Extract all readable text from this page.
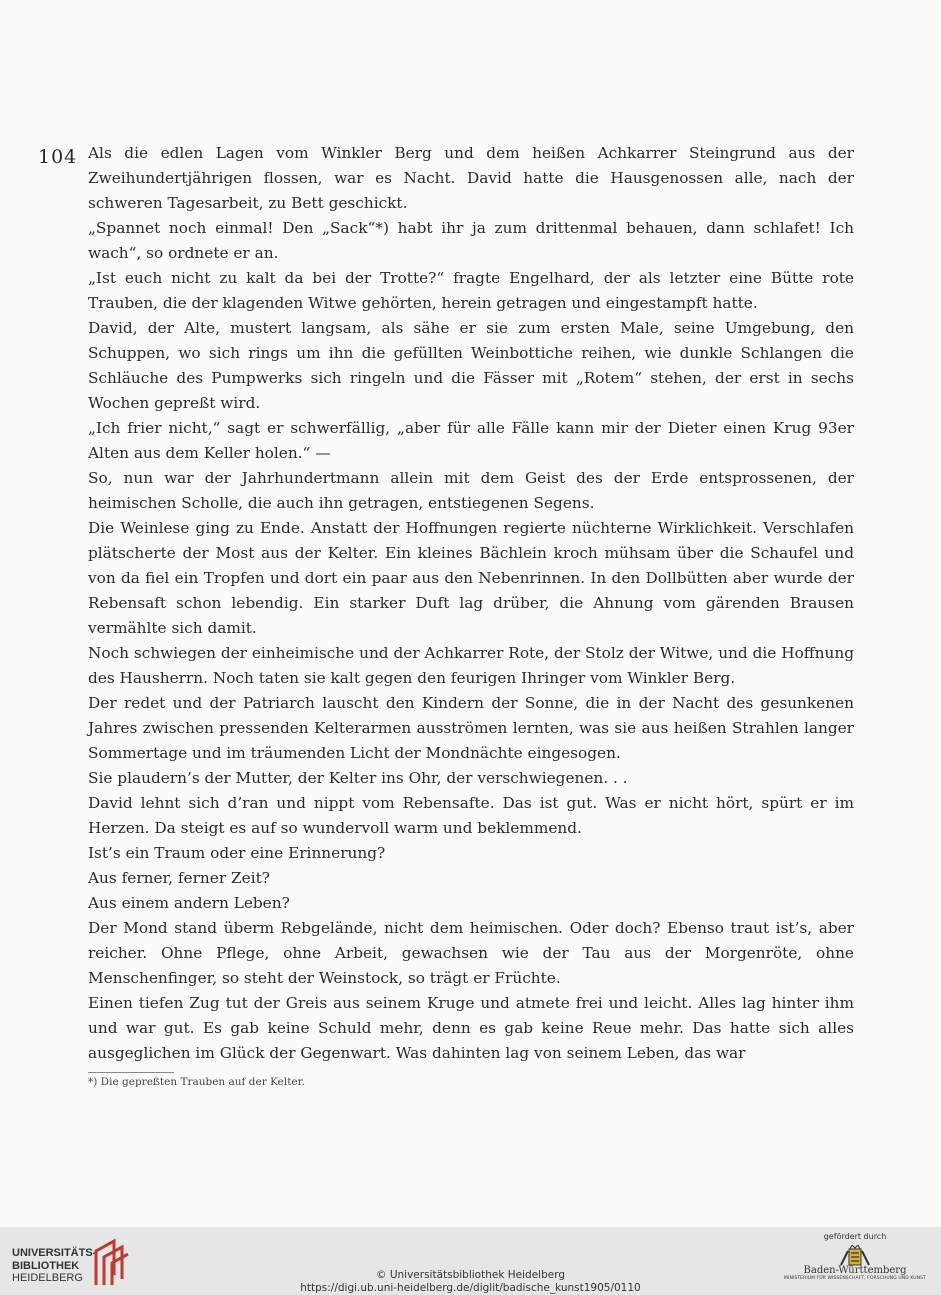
104 Als die edlen Lagen vom Winkler Berg und dem heißen Achkarrer Steingrund aus der Zweihundertjährigen flossen, war es Nacht. David hatte die Hausgenossen alle, nach der schweren Tagesarbeit, zu Bett geschickt.

„Spannet noch einmal! Den „Sack“*) habt ihr ja zum drittenmal behauen, dann schlafet! Ich wach“, so ordnete er an.

„Ist euch nicht zu kalt da bei der Trotte?“ fragte Engelhard, der als letzter eine Bütte rote Trauben, die der klagenden Witwe gehörten, herein getragen und eingestampft hatte.

David, der Alte, mustert langsam, als sähe er sie zum ersten Male, seine Umgebung, den Schuppen, wo sich rings um ihn die gefüllten Weinbottiche reihen, wie dunkle Schlangen die Schläuche des Pumpwerks sich ringeln und die Fässer mit „Rotem“ stehen, der erst in sechs Wochen gepreßt wird.

„Ich frier nicht,“ sagt er schwerfällig, „aber für alle Fälle kann mir der Dieter einen Krug 93er Alten aus dem Keller holen.“ —

So, nun war der Jahrhundertmann allein mit dem Geist des der Erde entsprossenen, der heimischen Scholle, die auch ihn getragen, entstiegenen Segens.

Die Weinlese ging zu Ende. Anstatt der Hoffnungen regierte nüchterne Wirklichkeit. Verschlafen plätscherte der Most aus der Kelter. Ein kleines Bächlein kroch mühsam über die Schaufel und von da fiel ein Tropfen und dort ein paar aus den Nebenrinnen. In den Dollbütten aber wurde der Rebensaft schon lebendig. Ein starker Duft lag drüber, die Ahnung vom gärenden Brausen vermählte sich damit.

Noch schwiegen der einheimische und der Achkarrer Rote, der Stolz der Witwe, und die Hoffnung des Hausherrn. Noch taten sie kalt gegen den feurigen Ihringer vom Winkler Berg.

Der redet und der Patriarch lauscht den Kindern der Sonne, die in der Nacht des gesunkenen Jahres zwischen pressenden Kelterarmen ausströmen lernten, was sie aus heißen Strahlen langer Sommertage und im träumenden Licht der Mondnächte eingesogen.

Sie plaudern’s der Mutter, der Kelter ins Ohr, der verschwiegenen. . .

David lehnt sich d’ran und nippt vom Rebensafte. Das ist gut. Was er nicht hört, spürt er im Herzen. Da steigt es auf so wundervoll warm und beklemmend.

Ist’s ein Traum oder eine Erinnerung?

Aus ferner, ferner Zeit?

Aus einem andern Leben?

Der Mond stand überm Rebgelände, nicht dem heimischen. Oder doch? Ebenso traut ist’s, aber reicher. Ohne Pflege, ohne Arbeit, gewachsen wie der Tau aus der Morgenröte, ohne Menschenfinger, so steht der Weinstock, so trägt er Früchte.

Einen tiefen Zug tut der Greis aus seinem Kruge und atmete frei und leicht. Alles lag hinter ihm und war gut. Es gab keine Schuld mehr, denn es gab keine Reue mehr. Das hatte sich alles ausgeglichen im Glück der Gegenwart. Was dahinten lag von seinem Leben, das war

*) Die gepreßten Trauben auf der Kelter.
UNIVERSITÄTS-
BIBLIOTHEK
HEIDELBERG	© Universitätsbibliothek Heidelberg
https://digi.ub.uni-heidelberg.de/diglit/badische_kunst1905/0110
gefördert durch
Baden-Württemberg
MINISTERIUM FÜR WISSENSCHAFT, FORSCHUNG UND KUNST
